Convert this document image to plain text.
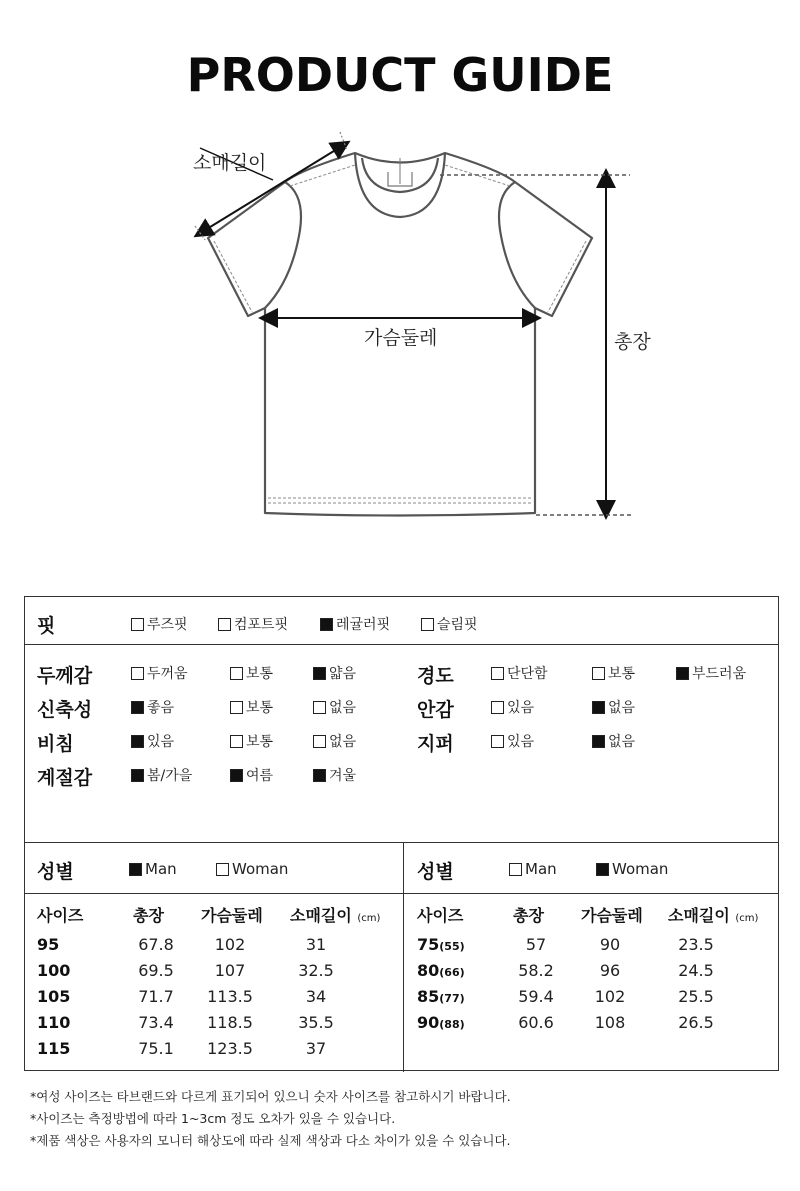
PRODUCT GUIDE
소매길이
가슴둘레	총장
핏	루즈핏	컴포트핏	레귤러핏	슬림핏
두께감	두꺼움	보통	얇음
신축성	좋음	보통	없음
비침	있음	보통	없음
계절감	봄/가을	여름	겨울
경도	단단함	보통	부드러움
안감	있음	없음
지퍼	있음	없음
성별	Man	Woman
사이즈	총장 가슴둘레 소매길이 (cm)
95	67.8	102	31
100	69.5	107	32.5
105	71.7	113.5	34
110	73.4	118.5	35.5
115	75.1	123.5	37
성별	Man	Woman
사이즈	총장 가슴둘레 소매길이 (cm)
75(55)	57	90	23.5
80(66)	58.2	96	24.5
85(77)	59.4	102	25.5
90(88)	60.6	108	26.5
*여성 사이즈는 타브랜드와 다르게 표기되어 있으니 숫자 사이즈를 참고하시기 바랍니다.
*사이즈는 측정방법에 따라 1~3cm 정도 오차가 있을 수 있습니다.
*제품 색상은 사용자의 모니터 해상도에 따라 실제 색상과 다소 차이가 있을 수 있습니다.
